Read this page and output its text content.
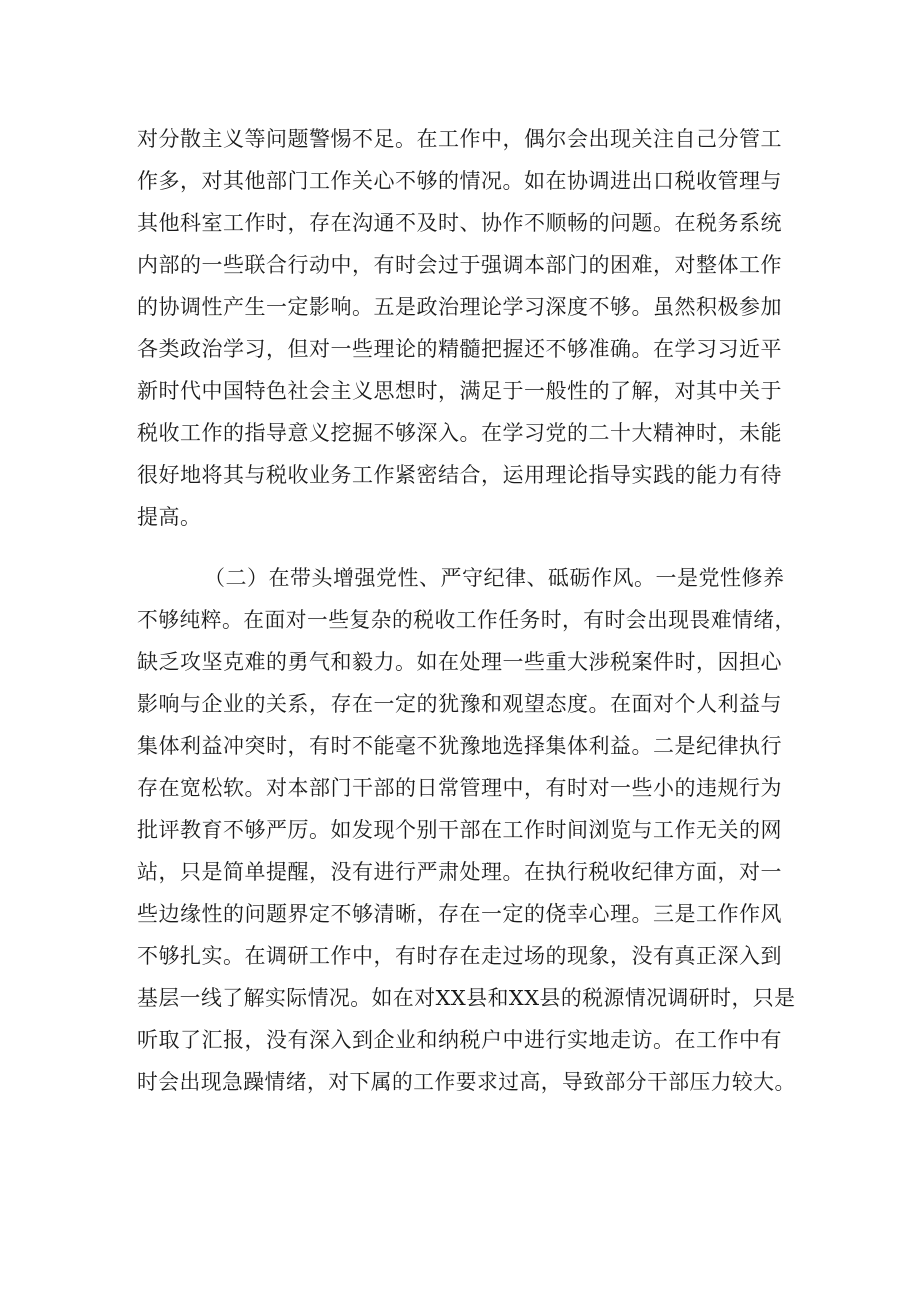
对分散主义等问题警惕不足。在工作中，偶尔会出现关注自己分管工
作多，对其他部门工作关心不够的情况。如在协调进出口税收管理与
其他科室工作时，存在沟通不及时、协作不顺畅的问题。在税务系统
内部的一些联合行动中，有时会过于强调本部门的困难，对整体工作
的协调性产生一定影响。五是政治理论学习深度不够。虽然积极参加
各类政治学习，但对一些理论的精髓把握还不够准确。在学习习近平
新时代中国特色社会主义思想时，满足于一般性的了解，对其中关于
税收工作的指导意义挖掘不够深入。在学习党的二十大精神时，未能
很好地将其与税收业务工作紧密结合，运用理论指导实践的能力有待
提高。
（二）在带头增强党性、严守纪律、砥砺作风。一是党性修养
不够纯粹。在面对一些复杂的税收工作任务时，有时会出现畏难情绪，
缺乏攻坚克难的勇气和毅力。如在处理一些重大涉税案件时，因担心
影响与企业的关系，存在一定的犹豫和观望态度。在面对个人利益与
集体利益冲突时，有时不能毫不犹豫地选择集体利益。二是纪律执行
存在宽松软。对本部门干部的日常管理中，有时对一些小的违规行为
批评教育不够严厉。如发现个别干部在工作时间浏览与工作无关的网
站，只是简单提醒，没有进行严肃处理。在执行税收纪律方面，对一
些边缘性的问题界定不够清晰，存在一定的侥幸心理。三是工作作风
不够扎实。在调研工作中，有时存在走过场的现象，没有真正深入到
基层一线了解实际情况。如在对XX县和XX县的税源情况调研时，只是
听取了汇报，没有深入到企业和纳税户中进行实地走访。在工作中有
时会出现急躁情绪，对下属的工作要求过高，导致部分干部压力较大。
